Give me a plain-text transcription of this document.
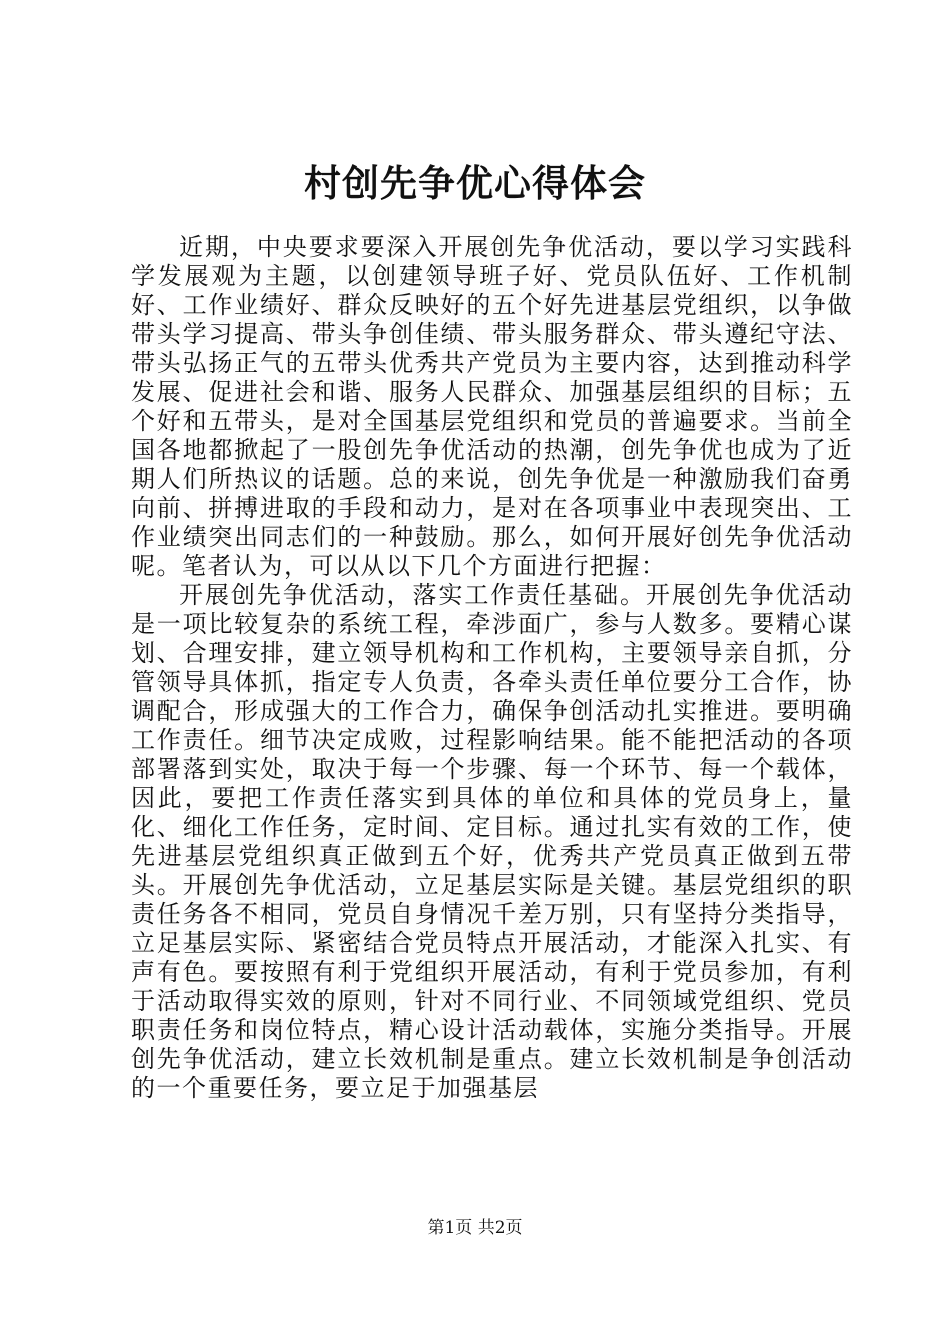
村创先争优心得体会

近期，中央要求要深入开展创先争优活动，要以学习实践科学发展观为主题，以创建领导班子好、党员队伍好、工作机制好、工作业绩好、群众反映好的五个好先进基层党组织，以争做带头学习提高、带头争创佳绩、带头服务群众、带头遵纪守法、带头弘扬正气的五带头优秀共产党员为主要内容，达到推动科学发展、促进社会和谐、服务人民群众、加强基层组织的目标；五个好和五带头，是对全国基层党组织和党员的普遍要求。当前全国各地都掀起了一股创先争优活动的热潮，创先争优也成为了近期人们所热议的话题。总的来说，创先争优是一种激励我们奋勇向前、拼搏进取的手段和动力，是对在各项事业中表现突出、工作业绩突出同志们的一种鼓励。那么，如何开展好创先争优活动呢。笔者认为，可以从以下几个方面进行把握：

开展创先争优活动，落实工作责任基础。开展创先争优活动是一项比较复杂的系统工程，牵涉面广，参与人数多。要精心谋划、合理安排，建立领导机构和工作机构，主要领导亲自抓，分管领导具体抓，指定专人负责，各牵头责任单位要分工合作，协调配合，形成强大的工作合力，确保争创活动扎实推进。要明确工作责任。细节决定成败，过程影响结果。能不能把活动的各项部署落到实处，取决于每一个步骤、每一个环节、每一个载体，因此，要把工作责任落实到具体的单位和具体的党员身上，量化、细化工作任务，定时间、定目标。通过扎实有效的工作，使先进基层党组织真正做到五个好，优秀共产党员真正做到五带头。开展创先争优活动，立足基层实际是关键。基层党组织的职责任务各不相同，党员自身情况千差万别，只有坚持分类指导，立足基层实际、紧密结合党员特点开展活动，才能深入扎实、有声有色。要按照有利于党组织开展活动，有利于党员参加，有利于活动取得实效的原则，针对不同行业、不同领域党组织、党员职责任务和岗位特点，精心设计活动载体，实施分类指导。开展创先争优活动，建立长效机制是重点。建立长效机制是争创活动的一个重要任务，要立足于加强基层

第1页 共2页
